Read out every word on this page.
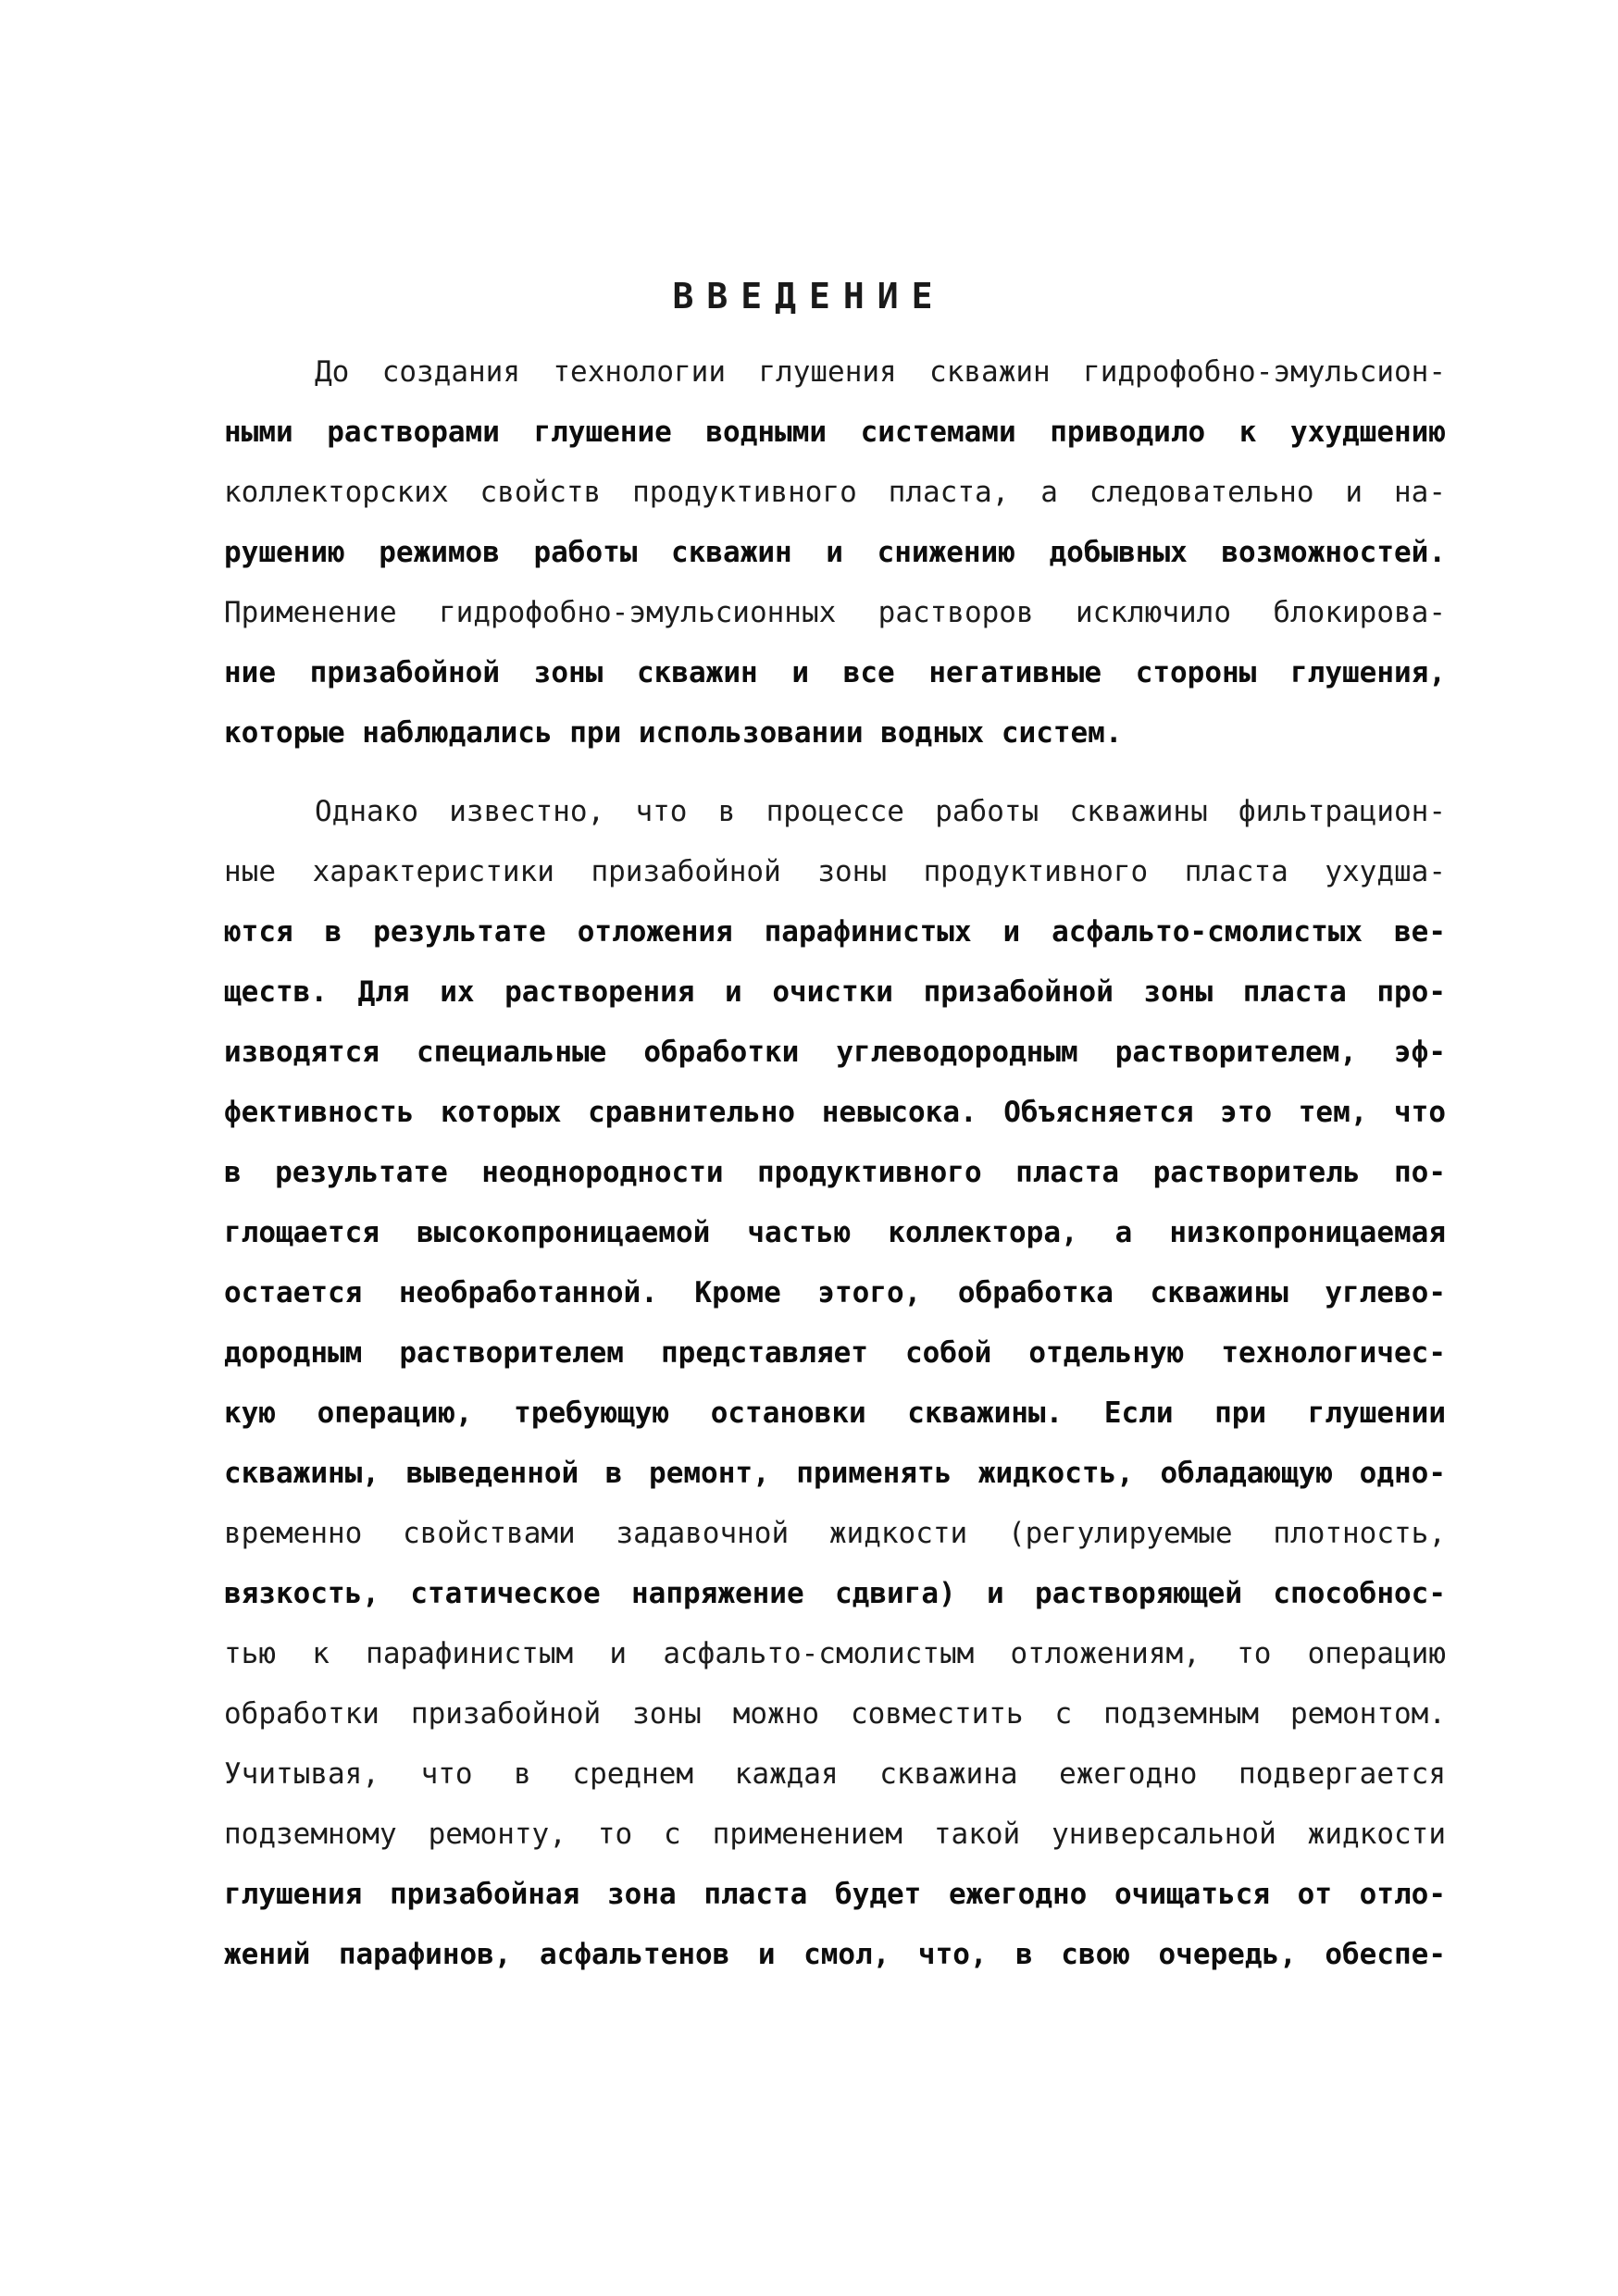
ВВЕДЕНИЕ
До создания технологии глушения скважин гидрофобно-эмульсион-
ными растворами глушение водными системами приводило к ухудшению
коллекторских свойств продуктивного пласта, а следовательно и на-
рушению режимов работы скважин и снижению добывных возможностей.
Применение гидрофобно-эмульсионных растворов исключило блокирова-
ние призабойной зоны скважин и все негативные стороны глушения,
которые наблюдались при использовании водных систем.
Однако известно, что в процессе работы скважины фильтрацион-
ные характеристики призабойной зоны продуктивного пласта ухудша-
ются в результате отложения парафинистых и асфальто-смолистых ве-
ществ. Для их растворения и очистки призабойной зоны пласта про-
изводятся специальные обработки углеводородным растворителем, эф-
фективность которых сравнительно невысока. Объясняется это тем, что
в результате неоднородности продуктивного пласта растворитель по-
глощается высокопроницаемой частью коллектора, а низкопроницаемая
остается необработанной. Кроме этого, обработка скважины углево-
дородным растворителем представляет собой отдельную технологичес-
кую операцию, требующую остановки скважины. Если при глушении
скважины, выведенной в ремонт, применять жидкость, обладающую одно-
временно свойствами задавочной жидкости (регулируемые плотность,
вязкость, статическое напряжение сдвига) и растворяющей способнос-
тью к парафинистым и асфальто-смолистым отложениям, то операцию
обработки призабойной зоны можно совместить с подземным ремонтом.
Учитывая, что в среднем каждая скважина ежегодно подвергается
подземному ремонту, то с применением такой универсальной жидкости
глушения призабойная зона пласта будет ежегодно очищаться от отло-
жений парафинов, асфальтенов и смол, что, в свою очередь, обеспе-
